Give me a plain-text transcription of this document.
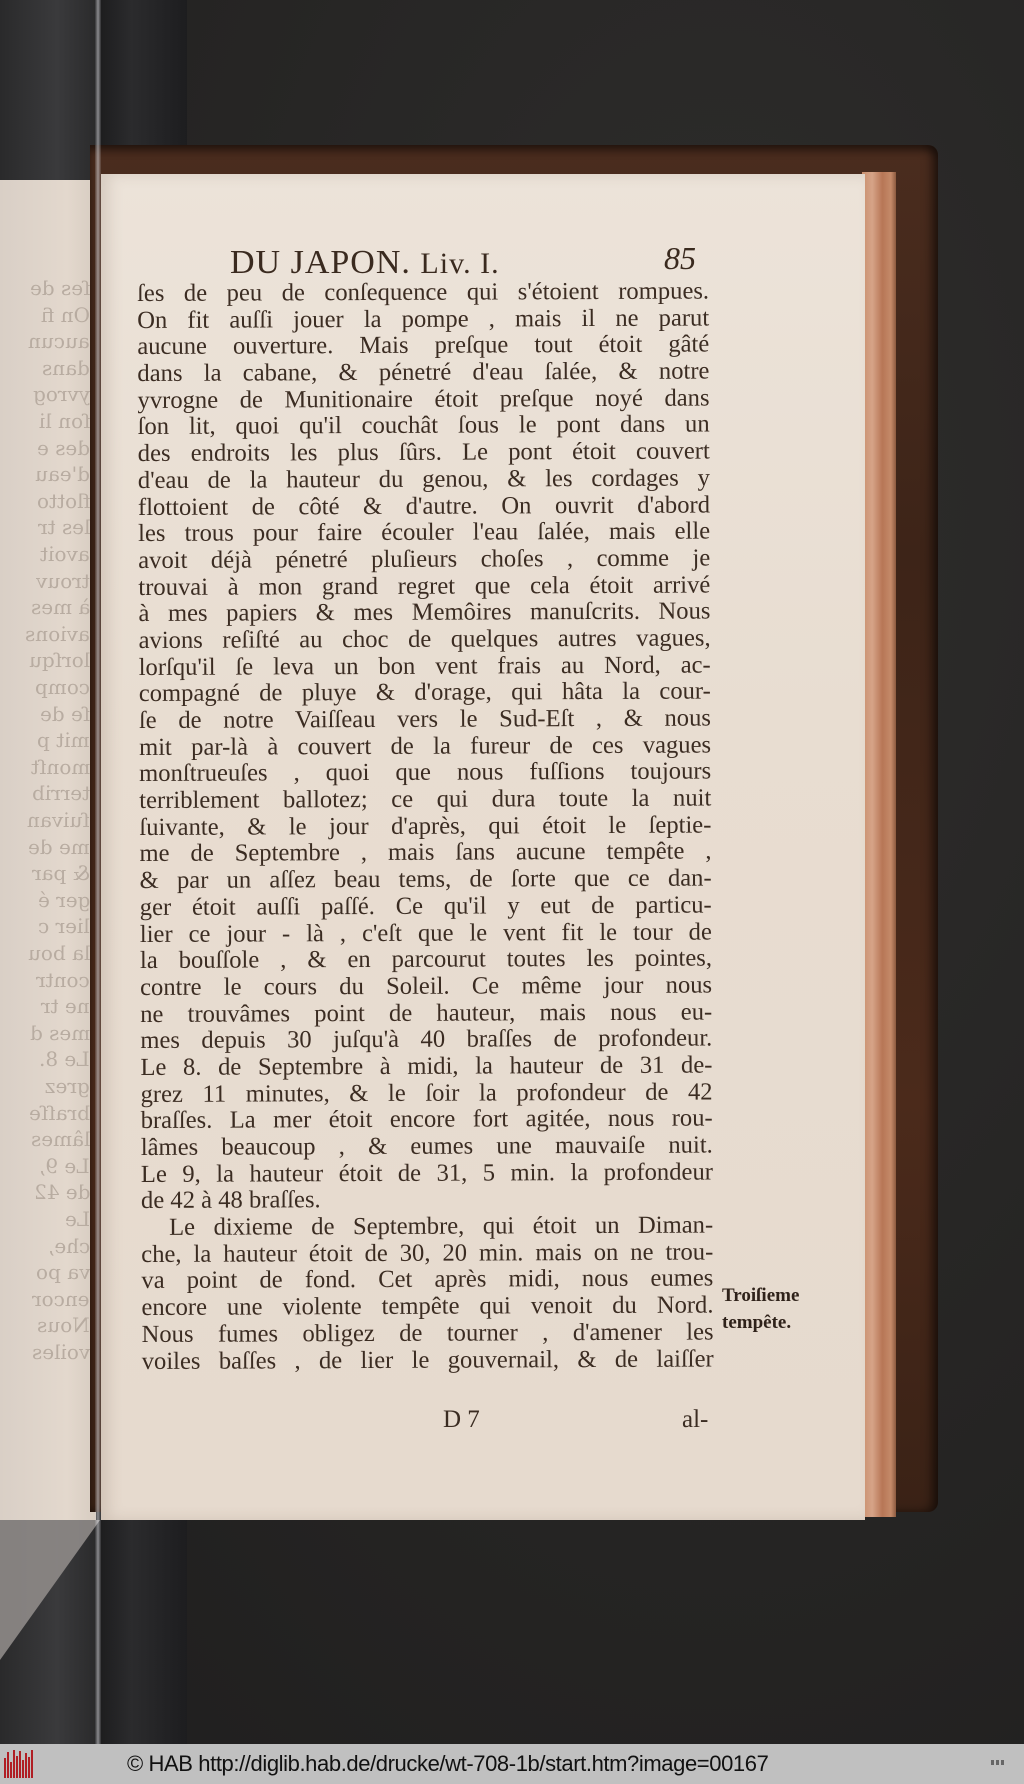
ſes de
On fi
aucun
dans
yvrog
ſon li
des e
d'eau
flotto
les tr
avoit
trouv
à mes
avions
lorſqu
comp
ſe de
mit p
monſt
terrib
ſuivan
me de
& par
ger é
lier c
la bou
contr
ne tr
mes d
Le 8.
grez
braſſe
lâmes
Le 9,
de 42
Le
che,
va po
encor
Nous
voiles
DU JAPON. Liv. I.	85
ſes de peu de conſequence qui s'étoient rompues.
On fit auſſi jouer la pompe , mais il ne parut
aucune ouverture. Mais preſque tout étoit gâté
dans la cabane, & pénetré d'eau ſalée, & notre
yvrogne de Munitionaire étoit preſque noyé dans
ſon lit, quoi qu'il couchât ſous le pont dans un
des endroits les plus ſûrs. Le pont étoit couvert
d'eau de la hauteur du genou, & les cordages y
flottoient de côté & d'autre. On ouvrit d'abord
les trous pour faire écouler l'eau ſalée, mais elle
avoit déjà pénetré pluſieurs choſes , comme je
trouvai à mon grand regret que cela étoit arrivé
à mes papiers & mes Memôires manuſcrits. Nous
avions reſiſté au choc de quelques autres vagues,
lorſqu'il ſe leva un bon vent frais au Nord, ac-
compagné de pluye & d'orage, qui hâta la cour-
ſe de notre Vaiſſeau vers le Sud-Eſt , & nous
mit par-là à couvert de la fureur de ces vagues
monſtrueuſes , quoi que nous fuſſions toujours
terriblement ballotez; ce qui dura toute la nuit
ſuivante, & le jour d'après, qui étoit le ſeptie-
me de Septembre , mais ſans aucune tempête ,
& par un aſſez beau tems, de ſorte que ce dan-
ger étoit auſſi paſſé. Ce qu'il y eut de particu-
lier ce jour - là , c'eſt que le vent fit le tour de
la bouſſole , & en parcourut toutes les pointes,
contre le cours du Soleil. Ce même jour nous
ne trouvâmes point de hauteur, mais nous eu-
mes depuis 30 juſqu'à 40 braſſes de profondeur.
Le 8. de Septembre à midi, la hauteur de 31 de-
grez 11 minutes, & le ſoir la profondeur de 42
braſſes. La mer étoit encore fort agitée, nous rou-
lâmes beaucoup , & eumes une mauvaiſe nuit.
Le 9, la hauteur étoit de 31, 5 min. la profondeur
de 42 à 48 braſſes.
Le dixieme de Septembre, qui étoit un Diman-
che, la hauteur étoit de 30, 20 min. mais on ne trou-
va point de fond. Cet après midi, nous eumes
encore une violente tempête qui venoit du Nord.
Nous fumes obligez de tourner , d'amener les
voiles baſſes , de lier le gouvernail, & de laiſſer
Troiſieme
tempête.
D 7	al-
© HAB http://diglib.hab.de/drucke/wt-708-1b/start.htm?image=00167
